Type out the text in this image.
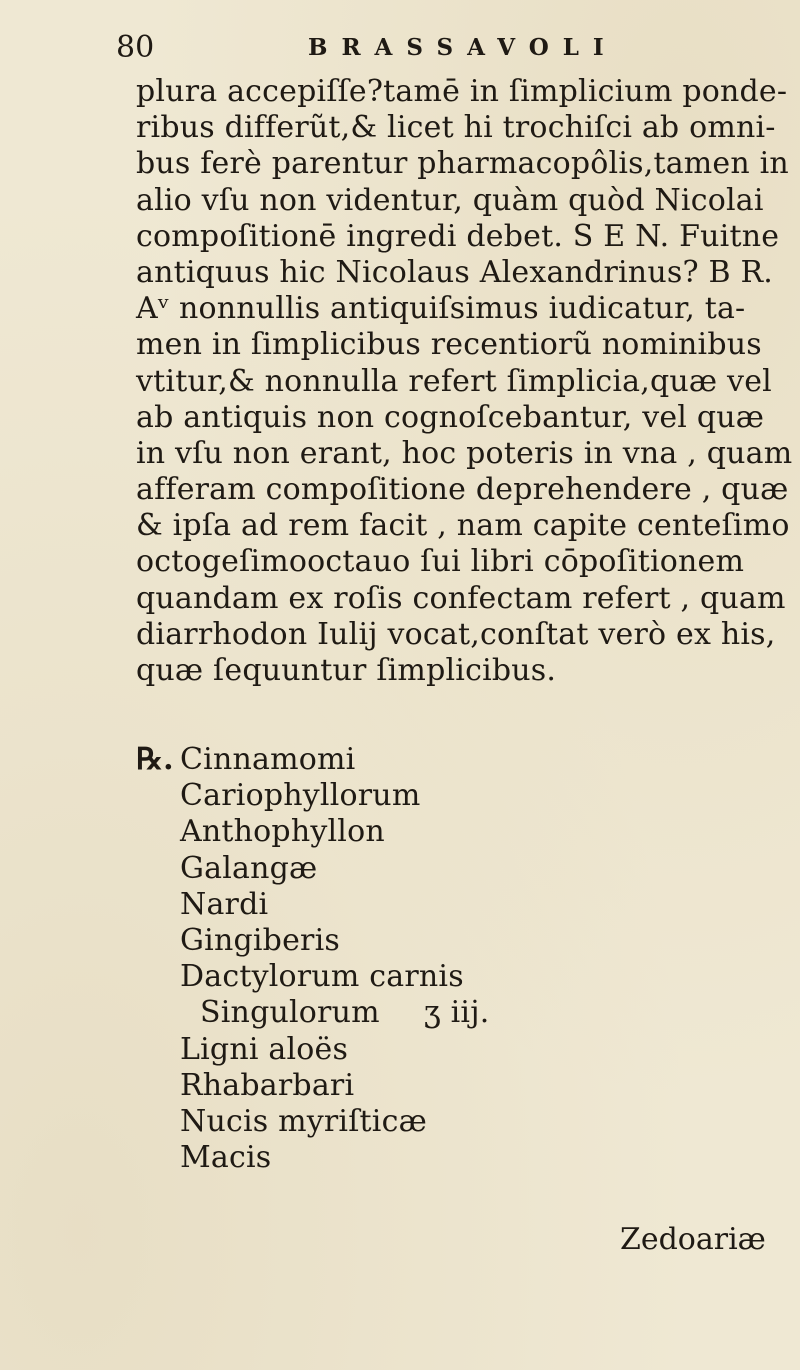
80	BRASSAVOLI
plura accepiſſe?tamē in ſimplicium ponde-
ribus differũt,& licet hi trochiſci ab omni-
bus ferè parentur pharmacopôlis,tamen in
alio vſu non videntur, quàm quòd Nicolai
compoſitionē ingredi debet. S E N. Fuitne
antiquus hic Nicolaus Alexandrinus? B R.
Aᵛ nonnullis antiquiſsimus iudicatur, ta-
men in ſimplicibus recentiorũ nominibus
vtitur,& nonnulla refert ſimplicia,quæ vel
ab antiquis non cognoſcebantur, vel quæ
in vſu non erant, hoc poteris in vna , quam
afferam compoſitione deprehendere , quæ
& ipſa ad rem facit , nam capite centeſimo
octogeſimooctauo ſui libri cōpoſitionem
quandam ex roſis confectam refert , quam
diarrhodon Iulij vocat,conſtat verò ex his,
quæ ſequuntur ſimplicibus.
℞. Cinnamomi
Cariophyllorum
Anthophyllon
Galangæ
Nardi
Gingiberis
Dactylorum carnis
Singulorum ʒ iij.
Ligni aloës
Rhabarbari
Nucis myriſticæ
Macis
Zedoariæ
